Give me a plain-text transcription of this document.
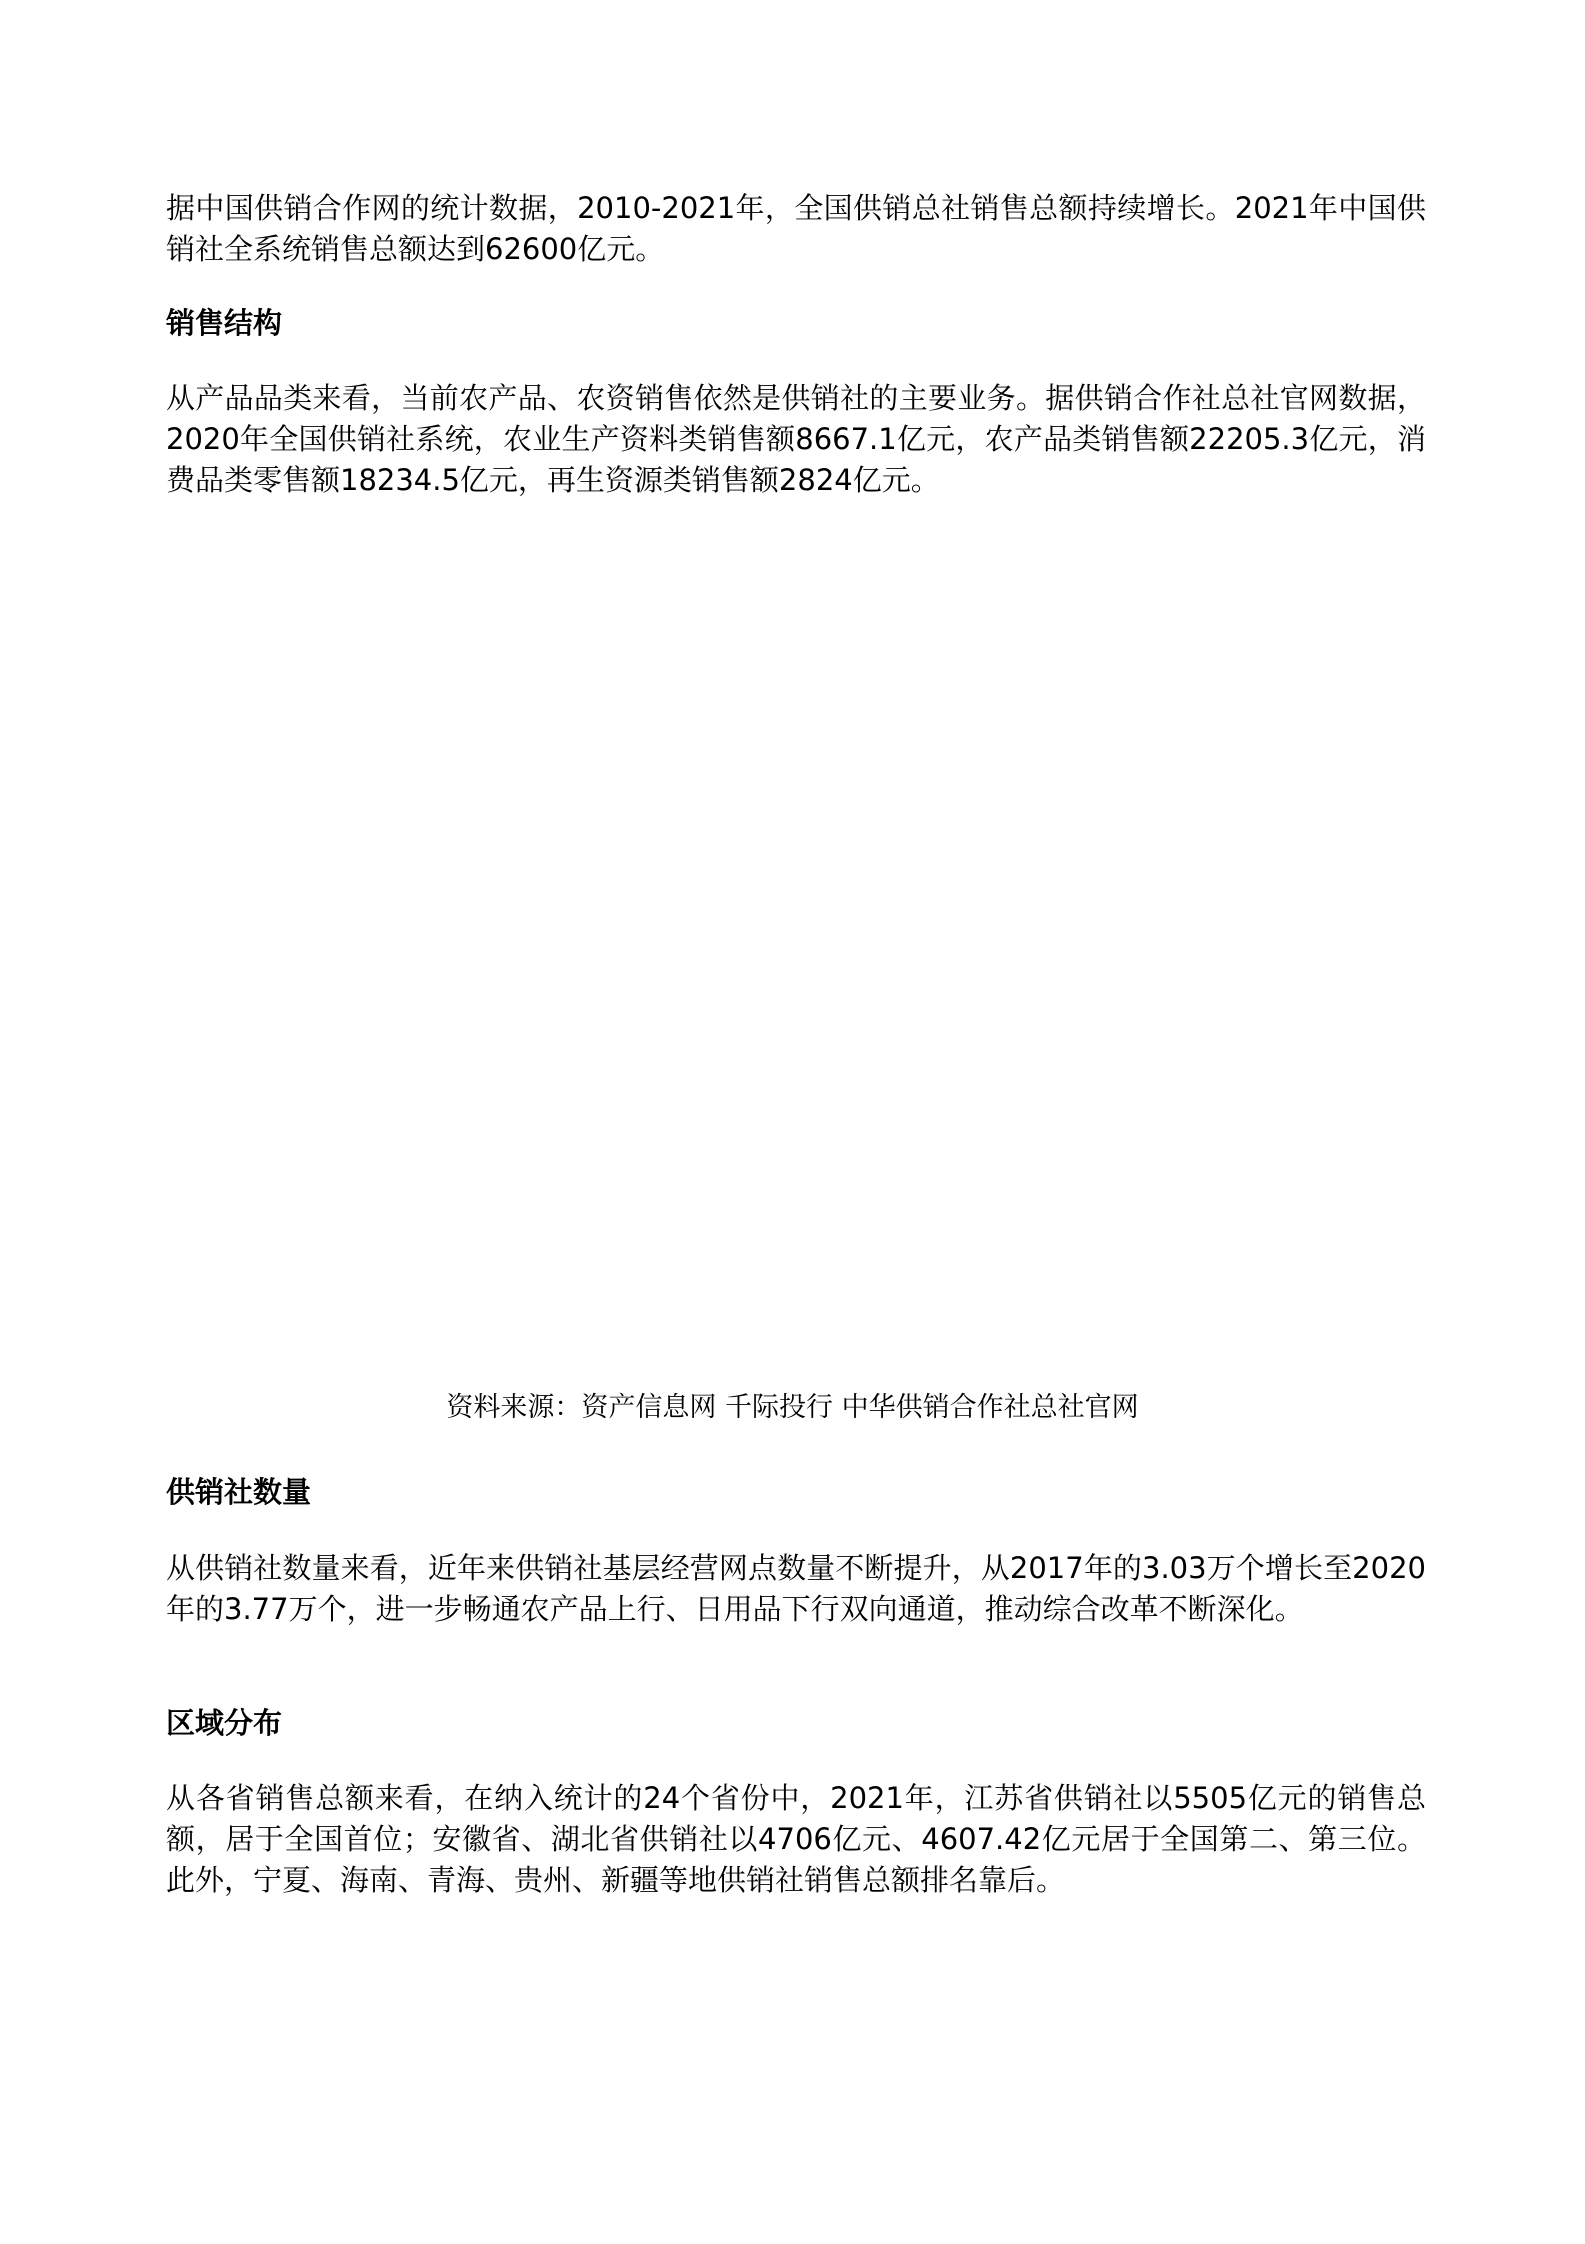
据中国供销合作网的统计数据，2010-2021年，全国供销总社销售总额持续增长。2021年中国供销社全系统销售总额达到62600亿元。

销售结构

从产品品类来看，当前农产品、农资销售依然是供销社的主要业务。据供销合作社总社官网数据，2020年全国供销社系统，农业生产资料类销售额8667.1亿元，农产品类销售额22205.3亿元，消费品类零售额18234.5亿元，再生资源类销售额2824亿元。

资料来源：资产信息网 千际投行 中华供销合作社总社官网

供销社数量

从供销社数量来看，近年来供销社基层经营网点数量不断提升，从2017年的3.03万个增长至2020年的3.77万个，进一步畅通农产品上行、日用品下行双向通道，推动综合改革不断深化。

区域分布

从各省销售总额来看，在纳入统计的24个省份中，2021年，江苏省供销社以5505亿元的销售总额，居于全国首位；安徽省、湖北省供销社以4706亿元、4607.42亿元居于全国第二、第三位。此外，宁夏、海南、青海、贵州、新疆等地供销社销售总额排名靠后。
